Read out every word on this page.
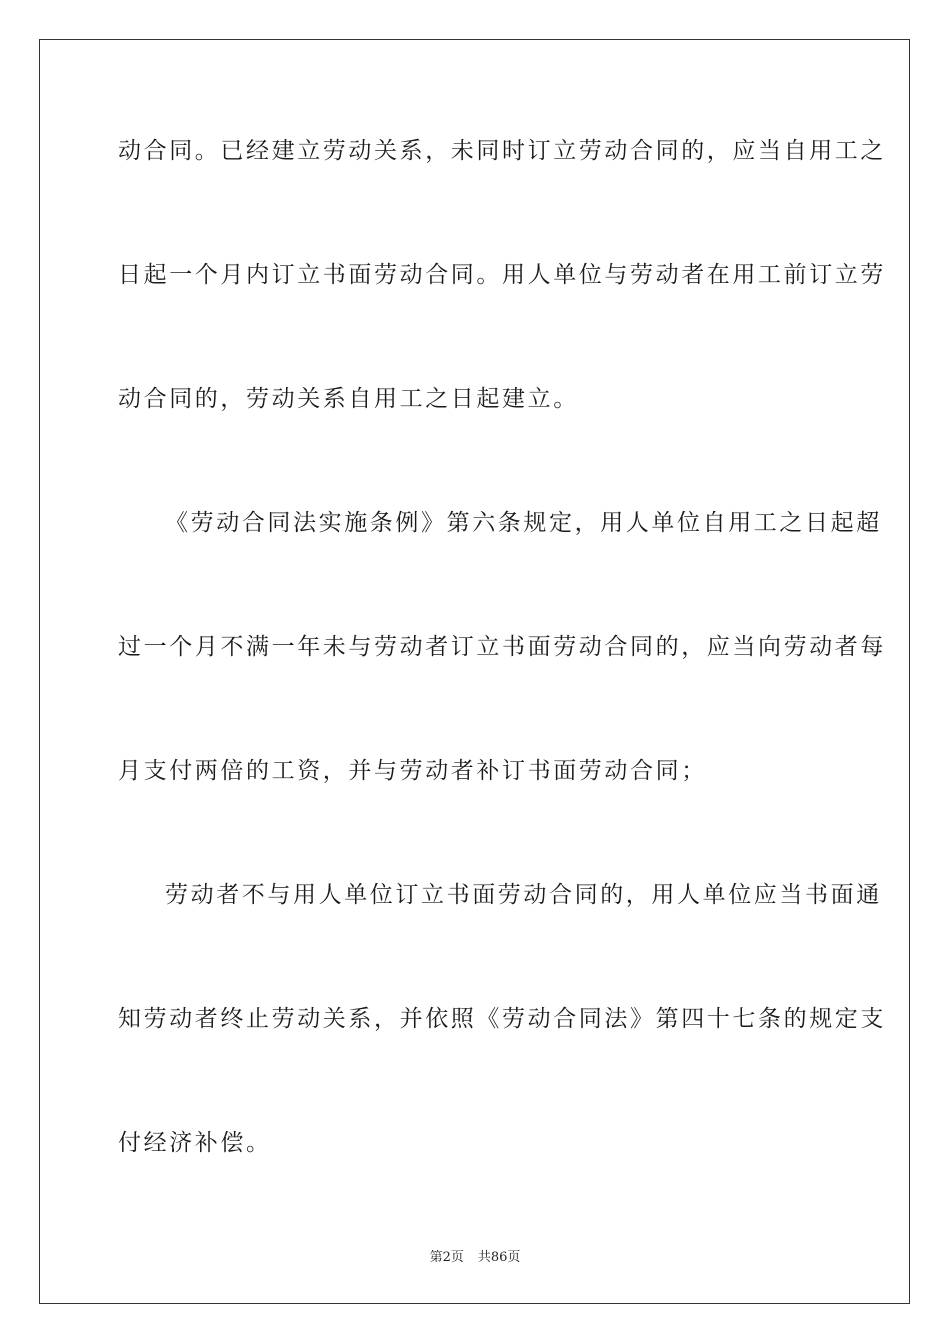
动合同。已经建立劳动关系，未同时订立劳动合同的，应当自用工之
日起一个月内订立书面劳动合同。用人单位与劳动者在用工前订立劳
动合同的，劳动关系自用工之日起建立。
《劳动合同法实施条例》第六条规定，用人单位自用工之日起超
过一个月不满一年未与劳动者订立书面劳动合同的，应当向劳动者每
月支付两倍的工资，并与劳动者补订书面劳动合同；
劳动者不与用人单位订立书面劳动合同的，用人单位应当书面通
知劳动者终止劳动关系，并依照《劳动合同法》第四十七条的规定支
付经济补偿。
第2页 共86页
